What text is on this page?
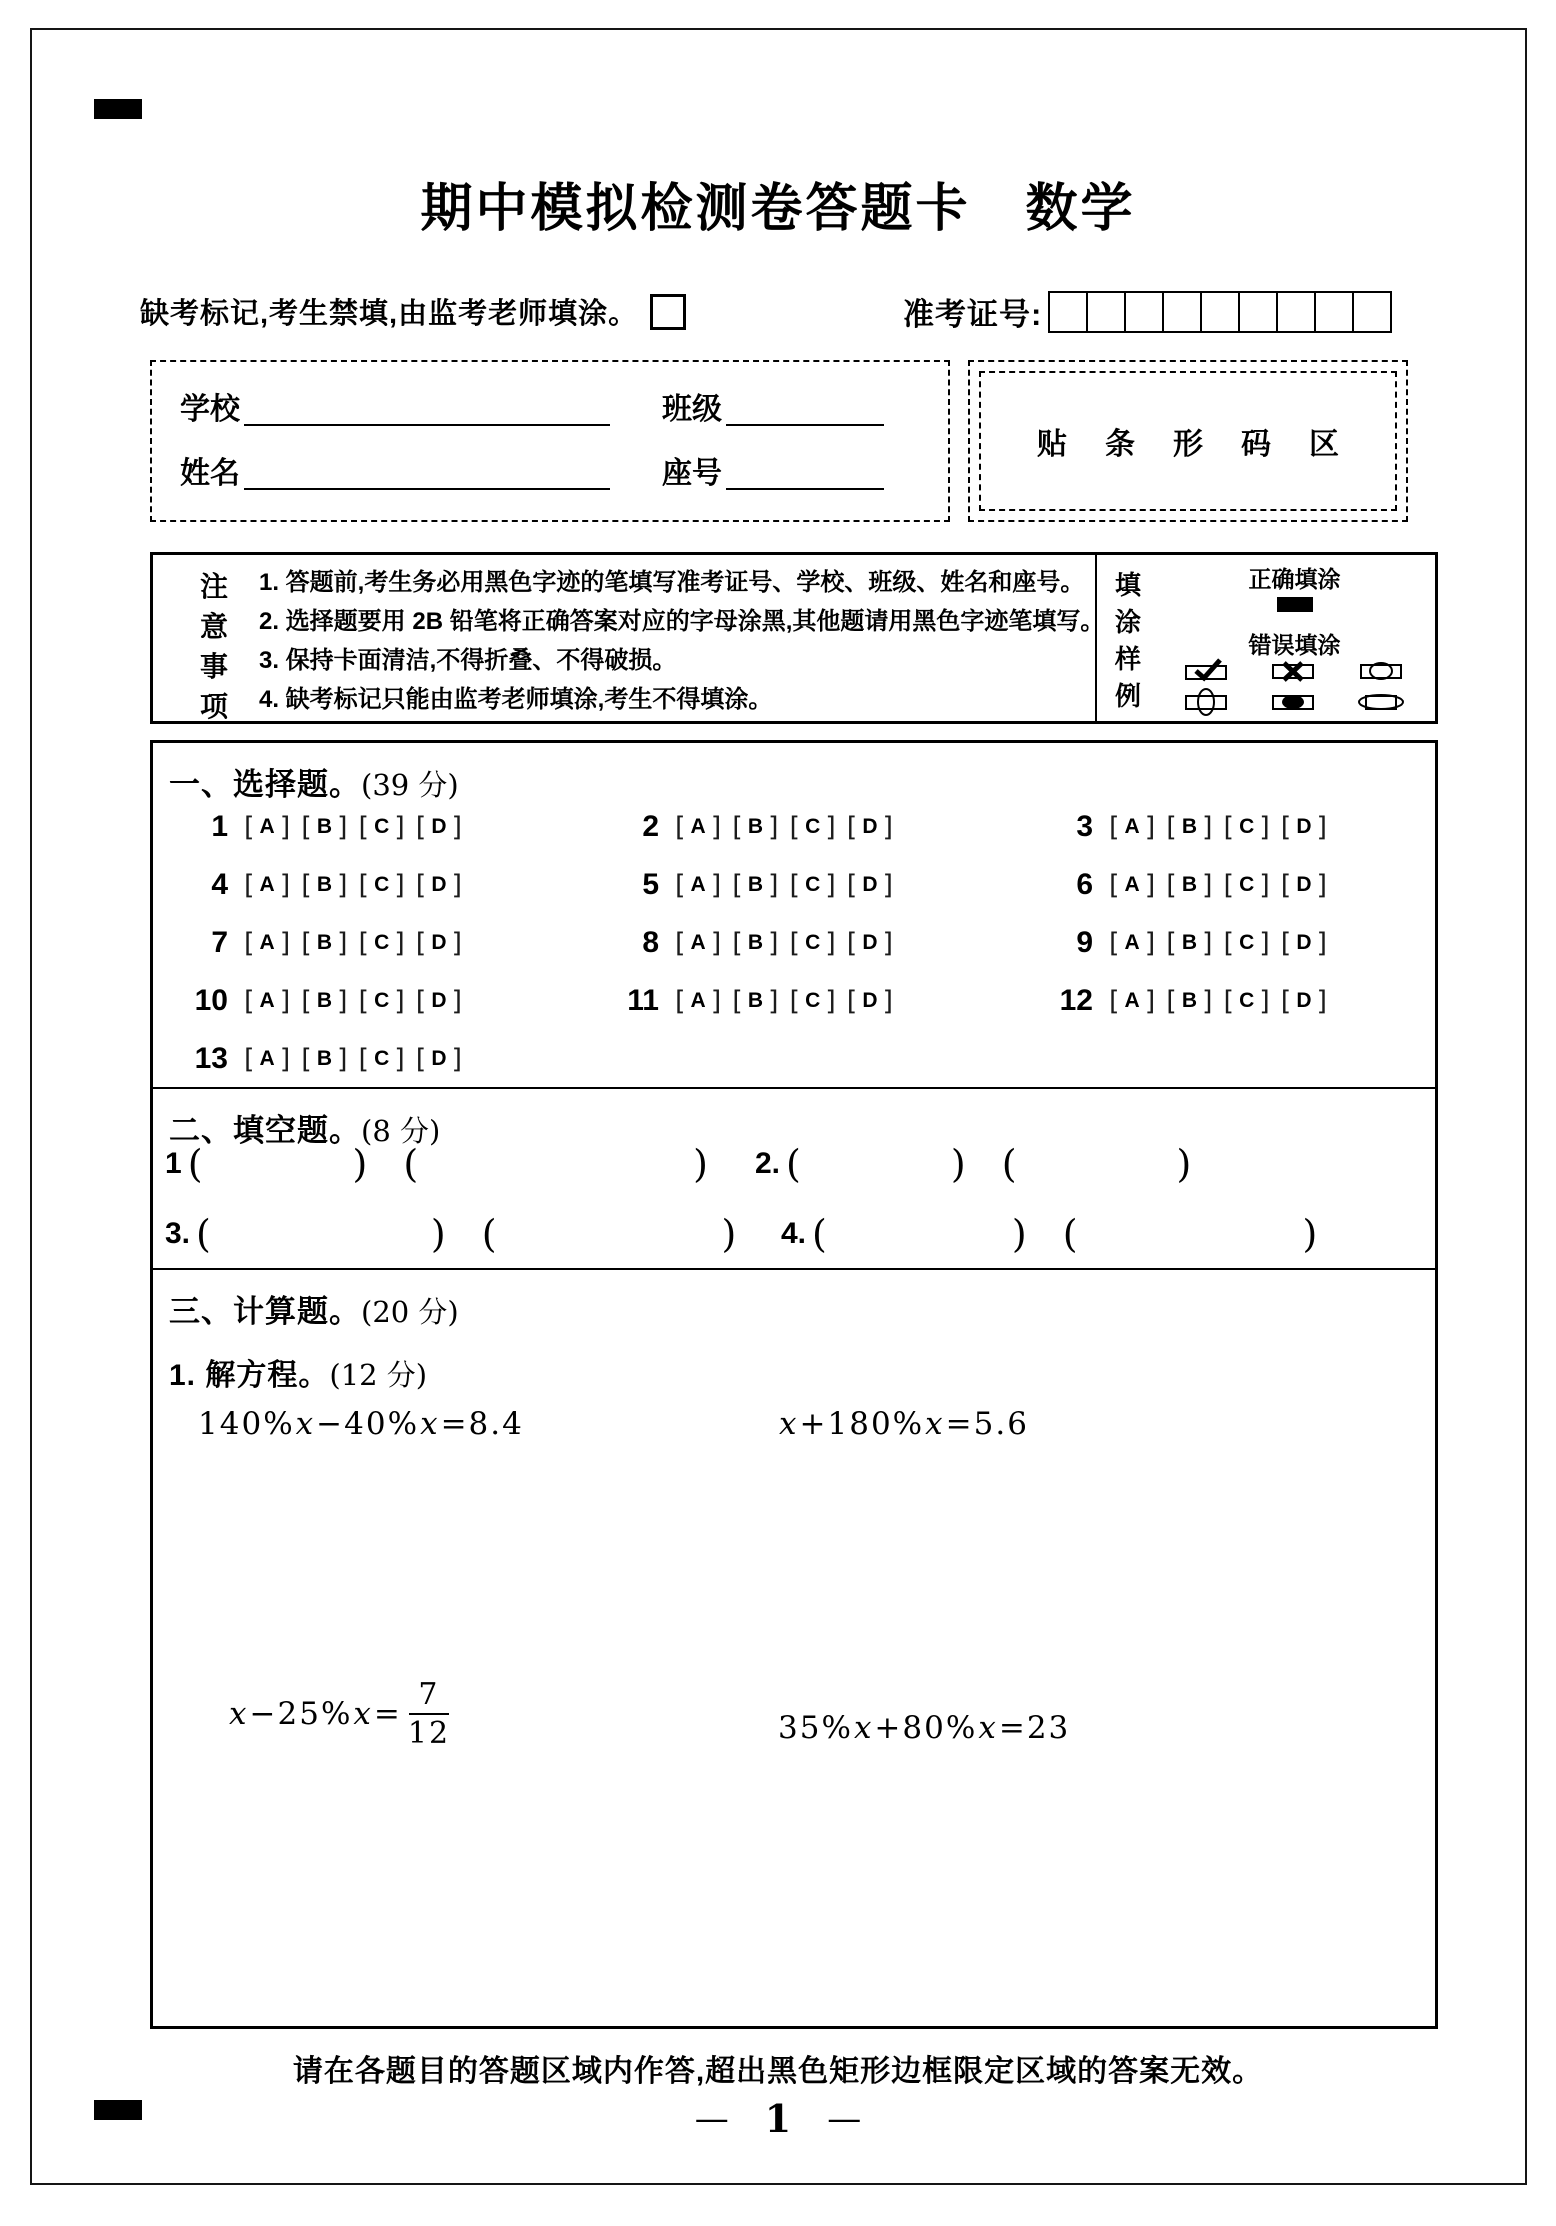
期中模拟检测卷答题卡 数学
缺考标记,考生禁填,由监考老师填涂。	准考证号:
学校	班级
姓名	座号
贴条形码区
注
意
事
项
1. 答题前,考生务必用黑色字迹的笔填写准考证号、学校、班级、姓名和座号。
2. 选择题要用 2B 铅笔将正确答案对应的字母涂黑,其他题请用黑色字迹笔填写。
3. 保持卡面清洁,不得折叠、不得破损。
4. 缺考标记只能由监考老师填涂,考生不得填涂。
填
涂
样
例
正确填涂
错误填涂
一、选择题。(39 分)
1 [ A ] [ B ] [ C ] [ D ]	2 [ A ] [ B ] [ C ] [ D ]	3 [ A ] [ B ] [ C ] [ D ]
4 [ A ] [ B ] [ C ] [ D ]	5 [ A ] [ B ] [ C ] [ D ]	6 [ A ] [ B ] [ C ] [ D ]
7 [ A ] [ B ] [ C ] [ D ]	8 [ A ] [ B ] [ C ] [ D ]	9 [ A ] [ B ] [ C ] [ D ]
10 [ A ] [ B ] [ C ] [ D ]	11 [ A ] [ B ] [ C ] [ D ]	12 [ A ] [ B ] [ C ] [ D ]
13 [ A ] [ B ] [ C ] [ D ]
二、填空题。(8 分)
1 (	) (	) 2. (	) (	)
3. (	) (	) 4. (	) (	)
三、计算题。(20 分)
1. 解方程。(12 分)
140%x−40%x=8.4	x+180%x=5.6
$x-25\%x= \frac{7}{12}$	35%x+80%x=23
请在各题目的答题区域内作答,超出黑色矩形边框限定区域的答案无效。
— 1 —
